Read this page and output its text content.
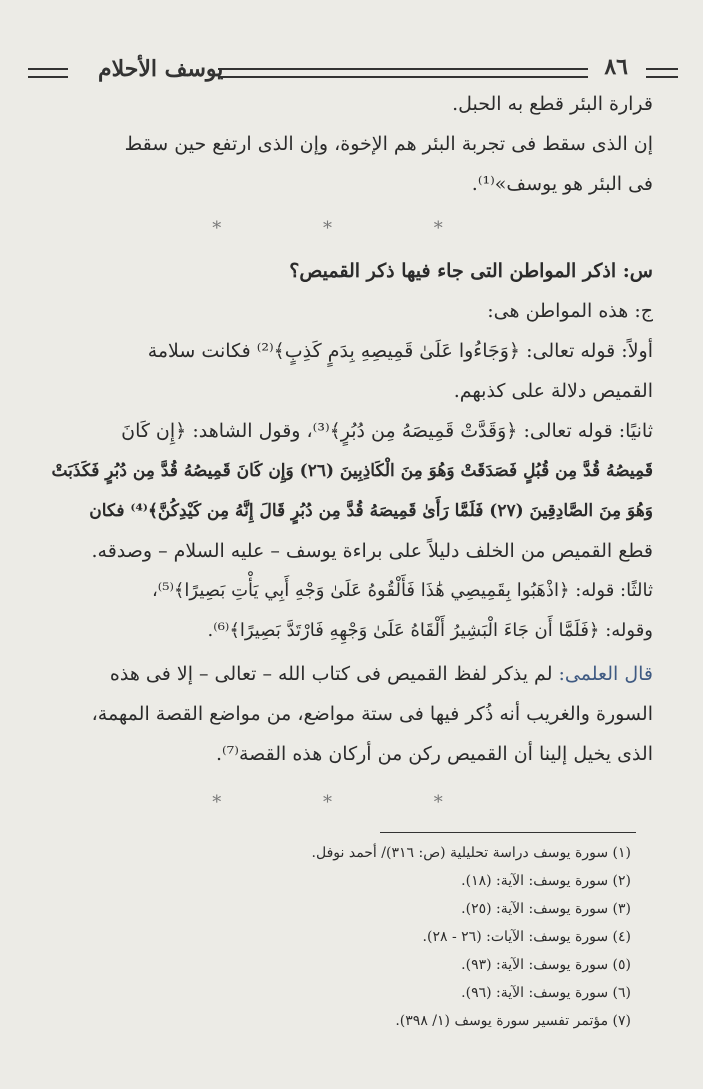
يوسف الأحلام	٨٦
قرارة البئر قطع به الحبل.
إن الذى سقط فى تجربة البئر هم الإخوة، وإن الذى ارتفع حين سقط
فى البئر هو يوسف»⁽¹⁾.
* * *
س: اذكر المواطن التى جاء فيها ذكر القميص؟
ج: هذه المواطن هى:
أولاً: قوله تعالى: ﴿وَجَاءُوا عَلَىٰ قَمِيصِهِ بِدَمٍ كَذِبٍ﴾⁽²⁾ فكانت سلامة
القميص دلالة على كذبهم.
ثانيًا: قوله تعالى: ﴿وَقَدَّتْ قَمِيصَهُ مِن دُبُرٍ﴾⁽³⁾، وقول الشاهد: ﴿إِن كَانَ
قَمِيصُهُ قُدَّ مِن قُبُلٍ فَصَدَقَتْ وَهُوَ مِنَ الْكَاذِبِينَ (٢٦) وَإِن كَانَ قَمِيصُهُ قُدَّ مِن دُبُرٍ فَكَذَبَتْ
وَهُوَ مِنَ الصَّادِقِينَ (٢٧) فَلَمَّا رَأَىٰ قَمِيصَهُ قُدَّ مِن دُبُرٍ قَالَ إِنَّهُ مِن كَيْدِكُنَّ﴾⁽⁴⁾ فكان
قطع القميص من الخلف دليلاً على براءة يوسف – عليه السلام – وصدقه.
ثالثًا: قوله: ﴿اذْهَبُوا بِقَمِيصِي هَٰذَا فَأَلْقُوهُ عَلَىٰ وَجْهِ أَبِي يَأْتِ بَصِيرًا﴾⁽⁵⁾،
وقوله: ﴿فَلَمَّا أَن جَاءَ الْبَشِيرُ أَلْقَاهُ عَلَىٰ وَجْهِهِ فَارْتَدَّ بَصِيرًا﴾⁽⁶⁾.
قال العلمى: لم يذكر لفظ القميص فى كتاب الله – تعالى – إلا فى هذه
السورة والغريب أنه ذُكر فيها فى ستة مواضع، من مواضع القصة المهمة،
الذى يخيل إلينا أن القميص ركن من أركان هذه القصة⁽⁷⁾.
* * *
(١) سورة يوسف دراسة تحليلية (ص: ٣١٦)/ أحمد نوفل.
(٢) سورة يوسف: الآية: (١٨).
(٣) سورة يوسف: الآية: (٢٥).
(٤) سورة يوسف: الآيات: (٢٦ - ٢٨).
(٥) سورة يوسف: الآية: (٩٣).
(٦) سورة يوسف: الآية: (٩٦).
(٧) مؤتمر تفسير سورة يوسف (١/ ٣٩٨).
